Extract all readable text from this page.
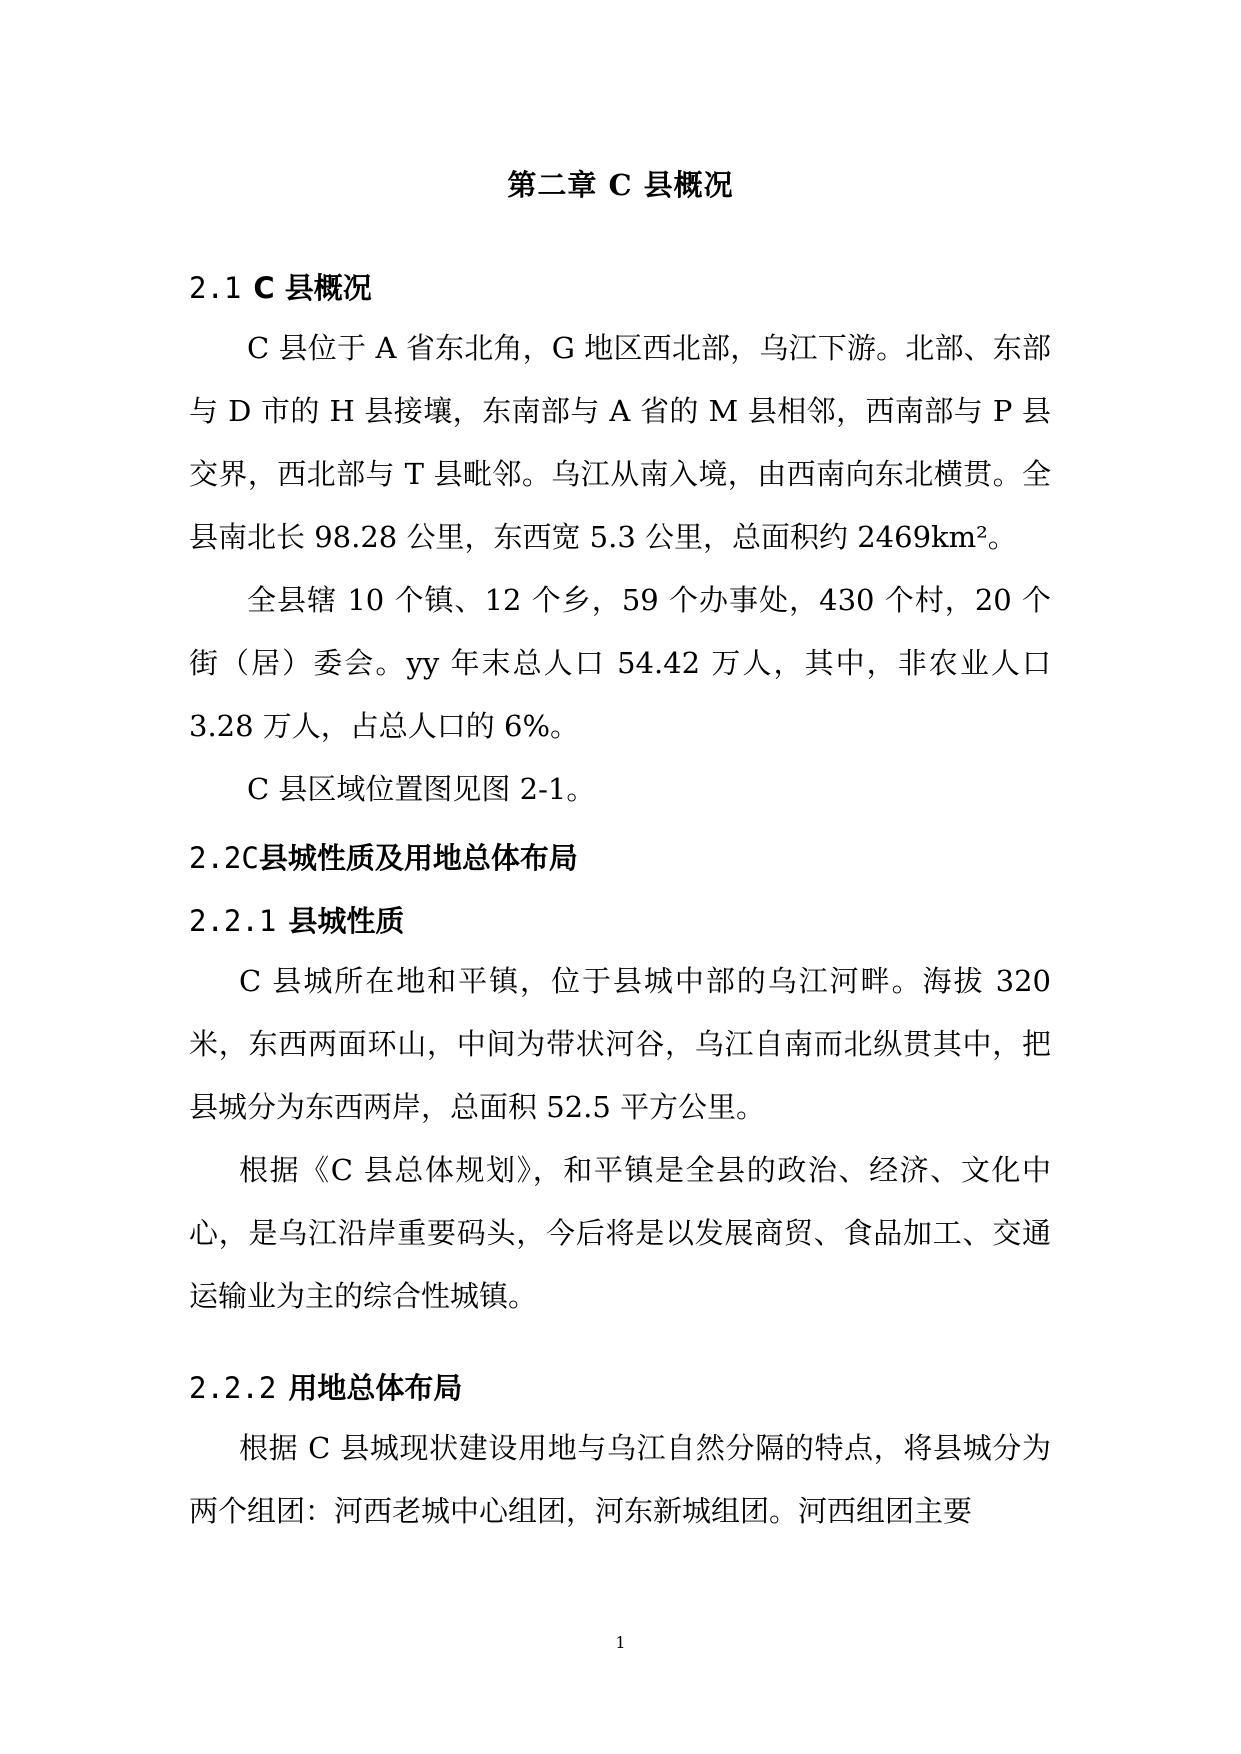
第二章 C 县概况
2.1 C 县概况
C 县位于 A 省东北角，G 地区西北部，乌江下游。北部、东部与 D 市的 H 县接壤，东南部与 A 省的 M 县相邻，西南部与 P 县交界，西北部与 T 县毗邻。乌江从南入境，由西南向东北横贯。全县南北长 98.28 公里，东西宽 5.3 公里，总面积约 2469km²。
全县辖 10 个镇、12 个乡，59 个办事处，430 个村，20 个街（居）委会。yy 年末总人口 54.42 万人，其中，非农业人口 3.28 万人，占总人口的 6%。
C 县区域位置图见图 2-1。
2.2C县城性质及用地总体布局
2.2.1 县城性质
C 县城所在地和平镇，位于县城中部的乌江河畔。海拔 320 米，东西两面环山，中间为带状河谷，乌江自南而北纵贯其中，把县城分为东西两岸，总面积 52.5 平方公里。
根据《C 县总体规划》，和平镇是全县的政治、经济、文化中心，是乌江沿岸重要码头，今后将是以发展商贸、食品加工、交通运输业为主的综合性城镇。
2.2.2 用地总体布局
根据 C 县城现状建设用地与乌江自然分隔的特点，将县城分为两个组团：河西老城中心组团，河东新城组团。河西组团主要
1
